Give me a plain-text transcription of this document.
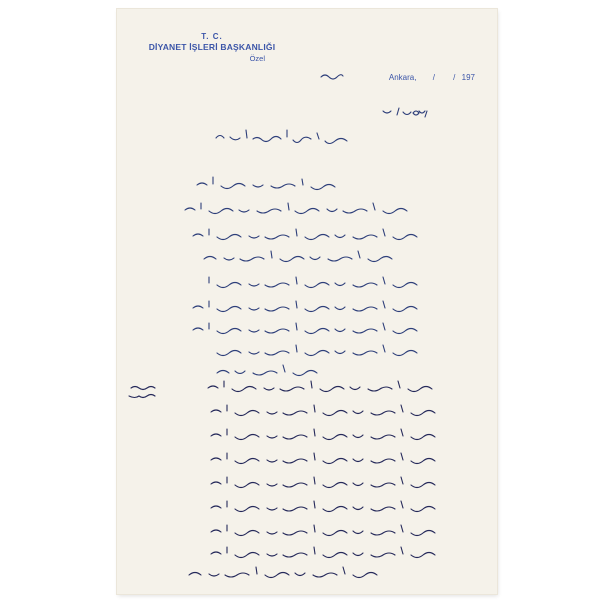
T. C.
DİYANET İŞLERİ BAŞKANLIĞI
Özel
Ankara, / / 197
